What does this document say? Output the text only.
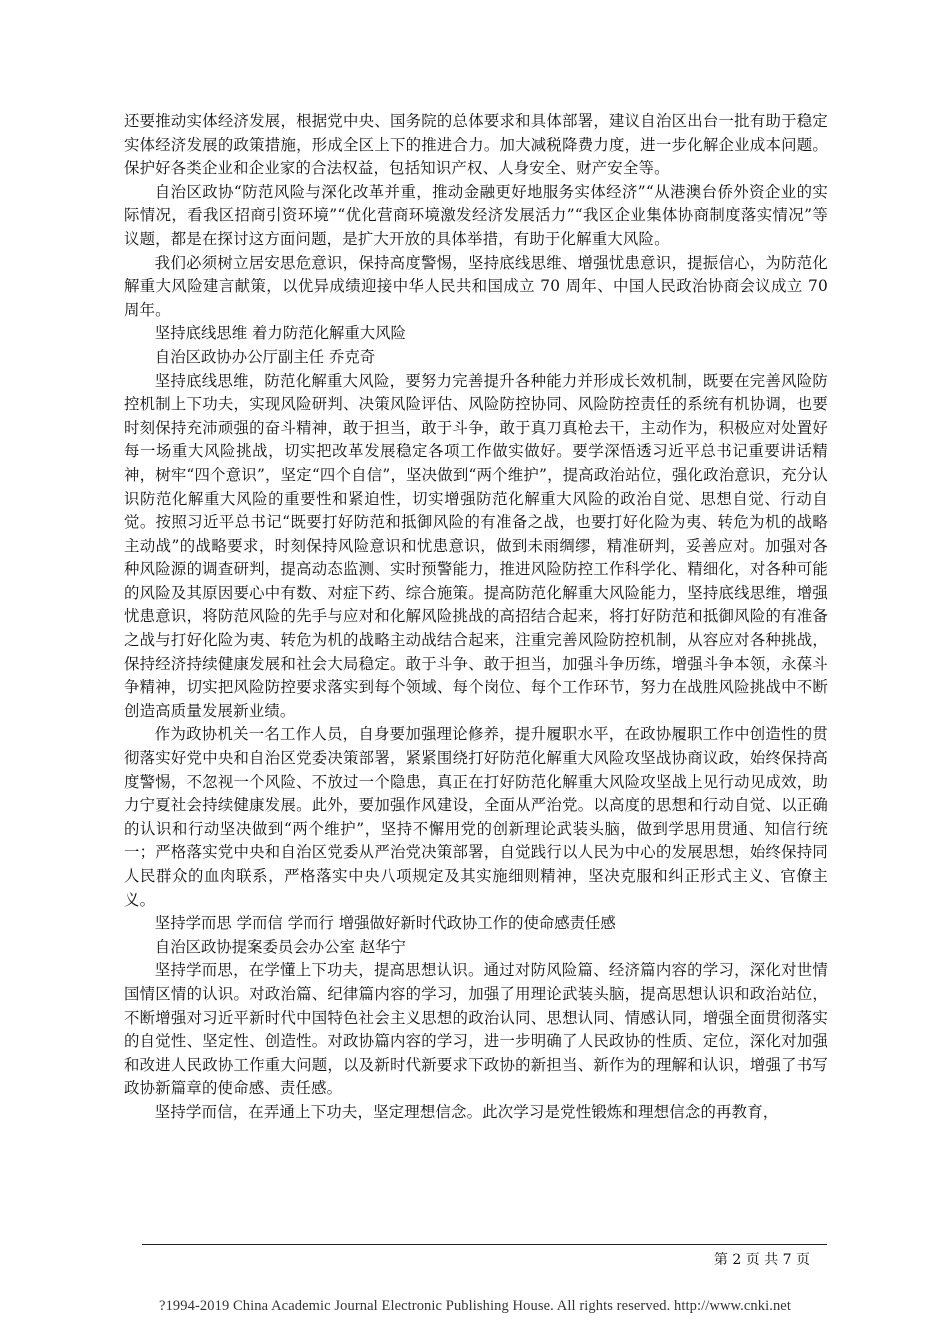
还要推动实体经济发展，根据党中央、国务院的总体要求和具体部署，建议自治区出台一批有助于稳定实体经济发展的政策措施，形成全区上下的推进合力。加大减税降费力度，进一步化解企业成本问题。保护好各类企业和企业家的合法权益，包括知识产权、人身安全、财产安全等。

自治区政协“防范风险与深化改革并重，推动金融更好地服务实体经济”“从港澳台侨外资企业的实际情况，看我区招商引资环境”“优化营商环境激发经济发展活力”“我区企业集体协商制度落实情况”等议题，都是在探讨这方面问题，是扩大开放的具体举措，有助于化解重大风险。

我们必须树立居安思危意识，保持高度警惕，坚持底线思维、增强忧患意识，提振信心，为防范化解重大风险建言献策，以优异成绩迎接中华人民共和国成立 70 周年、中国人民政治协商会议成立 70 周年。

坚持底线思维 着力防范化解重大风险

自治区政协办公厅副主任 乔克奇

坚持底线思维，防范化解重大风险，要努力完善提升各种能力并形成长效机制，既要在完善风险防控机制上下功夫，实现风险研判、决策风险评估、风险防控协同、风险防控责任的系统有机协调，也要时刻保持充沛顽强的奋斗精神，敢于担当，敢于斗争，敢于真刀真枪去干，主动作为，积极应对处置好每一场重大风险挑战，切实把改革发展稳定各项工作做实做好。要学深悟透习近平总书记重要讲话精神，树牢“四个意识”，坚定“四个自信”，坚决做到“两个维护”，提高政治站位，强化政治意识，充分认识防范化解重大风险的重要性和紧迫性，切实增强防范化解重大风险的政治自觉、思想自觉、行动自觉。按照习近平总书记“既要打好防范和抵御风险的有准备之战，也要打好化险为夷、转危为机的战略主动战”的战略要求，时刻保持风险意识和忧患意识，做到未雨绸缪，精准研判，妥善应对。加强对各种风险源的调查研判，提高动态监测、实时预警能力，推进风险防控工作科学化、精细化，对各种可能的风险及其原因要心中有数、对症下药、综合施策。提高防范化解重大风险能力，坚持底线思维，增强忧患意识，将防范风险的先手与应对和化解风险挑战的高招结合起来，将打好防范和抵御风险的有准备之战与打好化险为夷、转危为机的战略主动战结合起来，注重完善风险防控机制，从容应对各种挑战，保持经济持续健康发展和社会大局稳定。敢于斗争、敢于担当，加强斗争历练，增强斗争本领，永葆斗争精神，切实把风险防控要求落实到每个领域、每个岗位、每个工作环节，努力在战胜风险挑战中不断创造高质量发展新业绩。

作为政协机关一名工作人员，自身要加强理论修养，提升履职水平，在政协履职工作中创造性的贯彻落实好党中央和自治区党委决策部署，紧紧围绕打好防范化解重大风险攻坚战协商议政，始终保持高度警惕，不忽视一个风险、不放过一个隐患，真正在打好防范化解重大风险攻坚战上见行动见成效，助力宁夏社会持续健康发展。此外，要加强作风建设，全面从严治党。以高度的思想和行动自觉、以正确的认识和行动坚决做到“两个维护”，坚持不懈用党的创新理论武装头脑，做到学思用贯通、知信行统一；严格落实党中央和自治区党委从严治党决策部署，自觉践行以人民为中心的发展思想，始终保持同人民群众的血肉联系，严格落实中央八项规定及其实施细则精神，坚决克服和纠正形式主义、官僚主义。

坚持学而思 学而信 学而行 增强做好新时代政协工作的使命感责任感

自治区政协提案委员会办公室 赵华宁

坚持学而思，在学懂上下功夫，提高思想认识。通过对防风险篇、经济篇内容的学习，深化对世情国情区情的认识。对政治篇、纪律篇内容的学习，加强了用理论武装头脑，提高思想认识和政治站位，不断增强对习近平新时代中国特色社会主义思想的政治认同、思想认同、情感认同，增强全面贯彻落实的自觉性、坚定性、创造性。对政协篇内容的学习，进一步明确了人民政协的性质、定位，深化对加强和改进人民政协工作重大问题，以及新时代新要求下政协的新担当、新作为的理解和认识，增强了书写政协新篇章的使命感、责任感。

坚持学而信，在弄通上下功夫，坚定理想信念。此次学习是党性锻炼和理想信念的再教育，

第 2 页 共 7 页
?1994-2019 China Academic Journal Electronic Publishing House. All rights reserved. http://www.cnki.net
